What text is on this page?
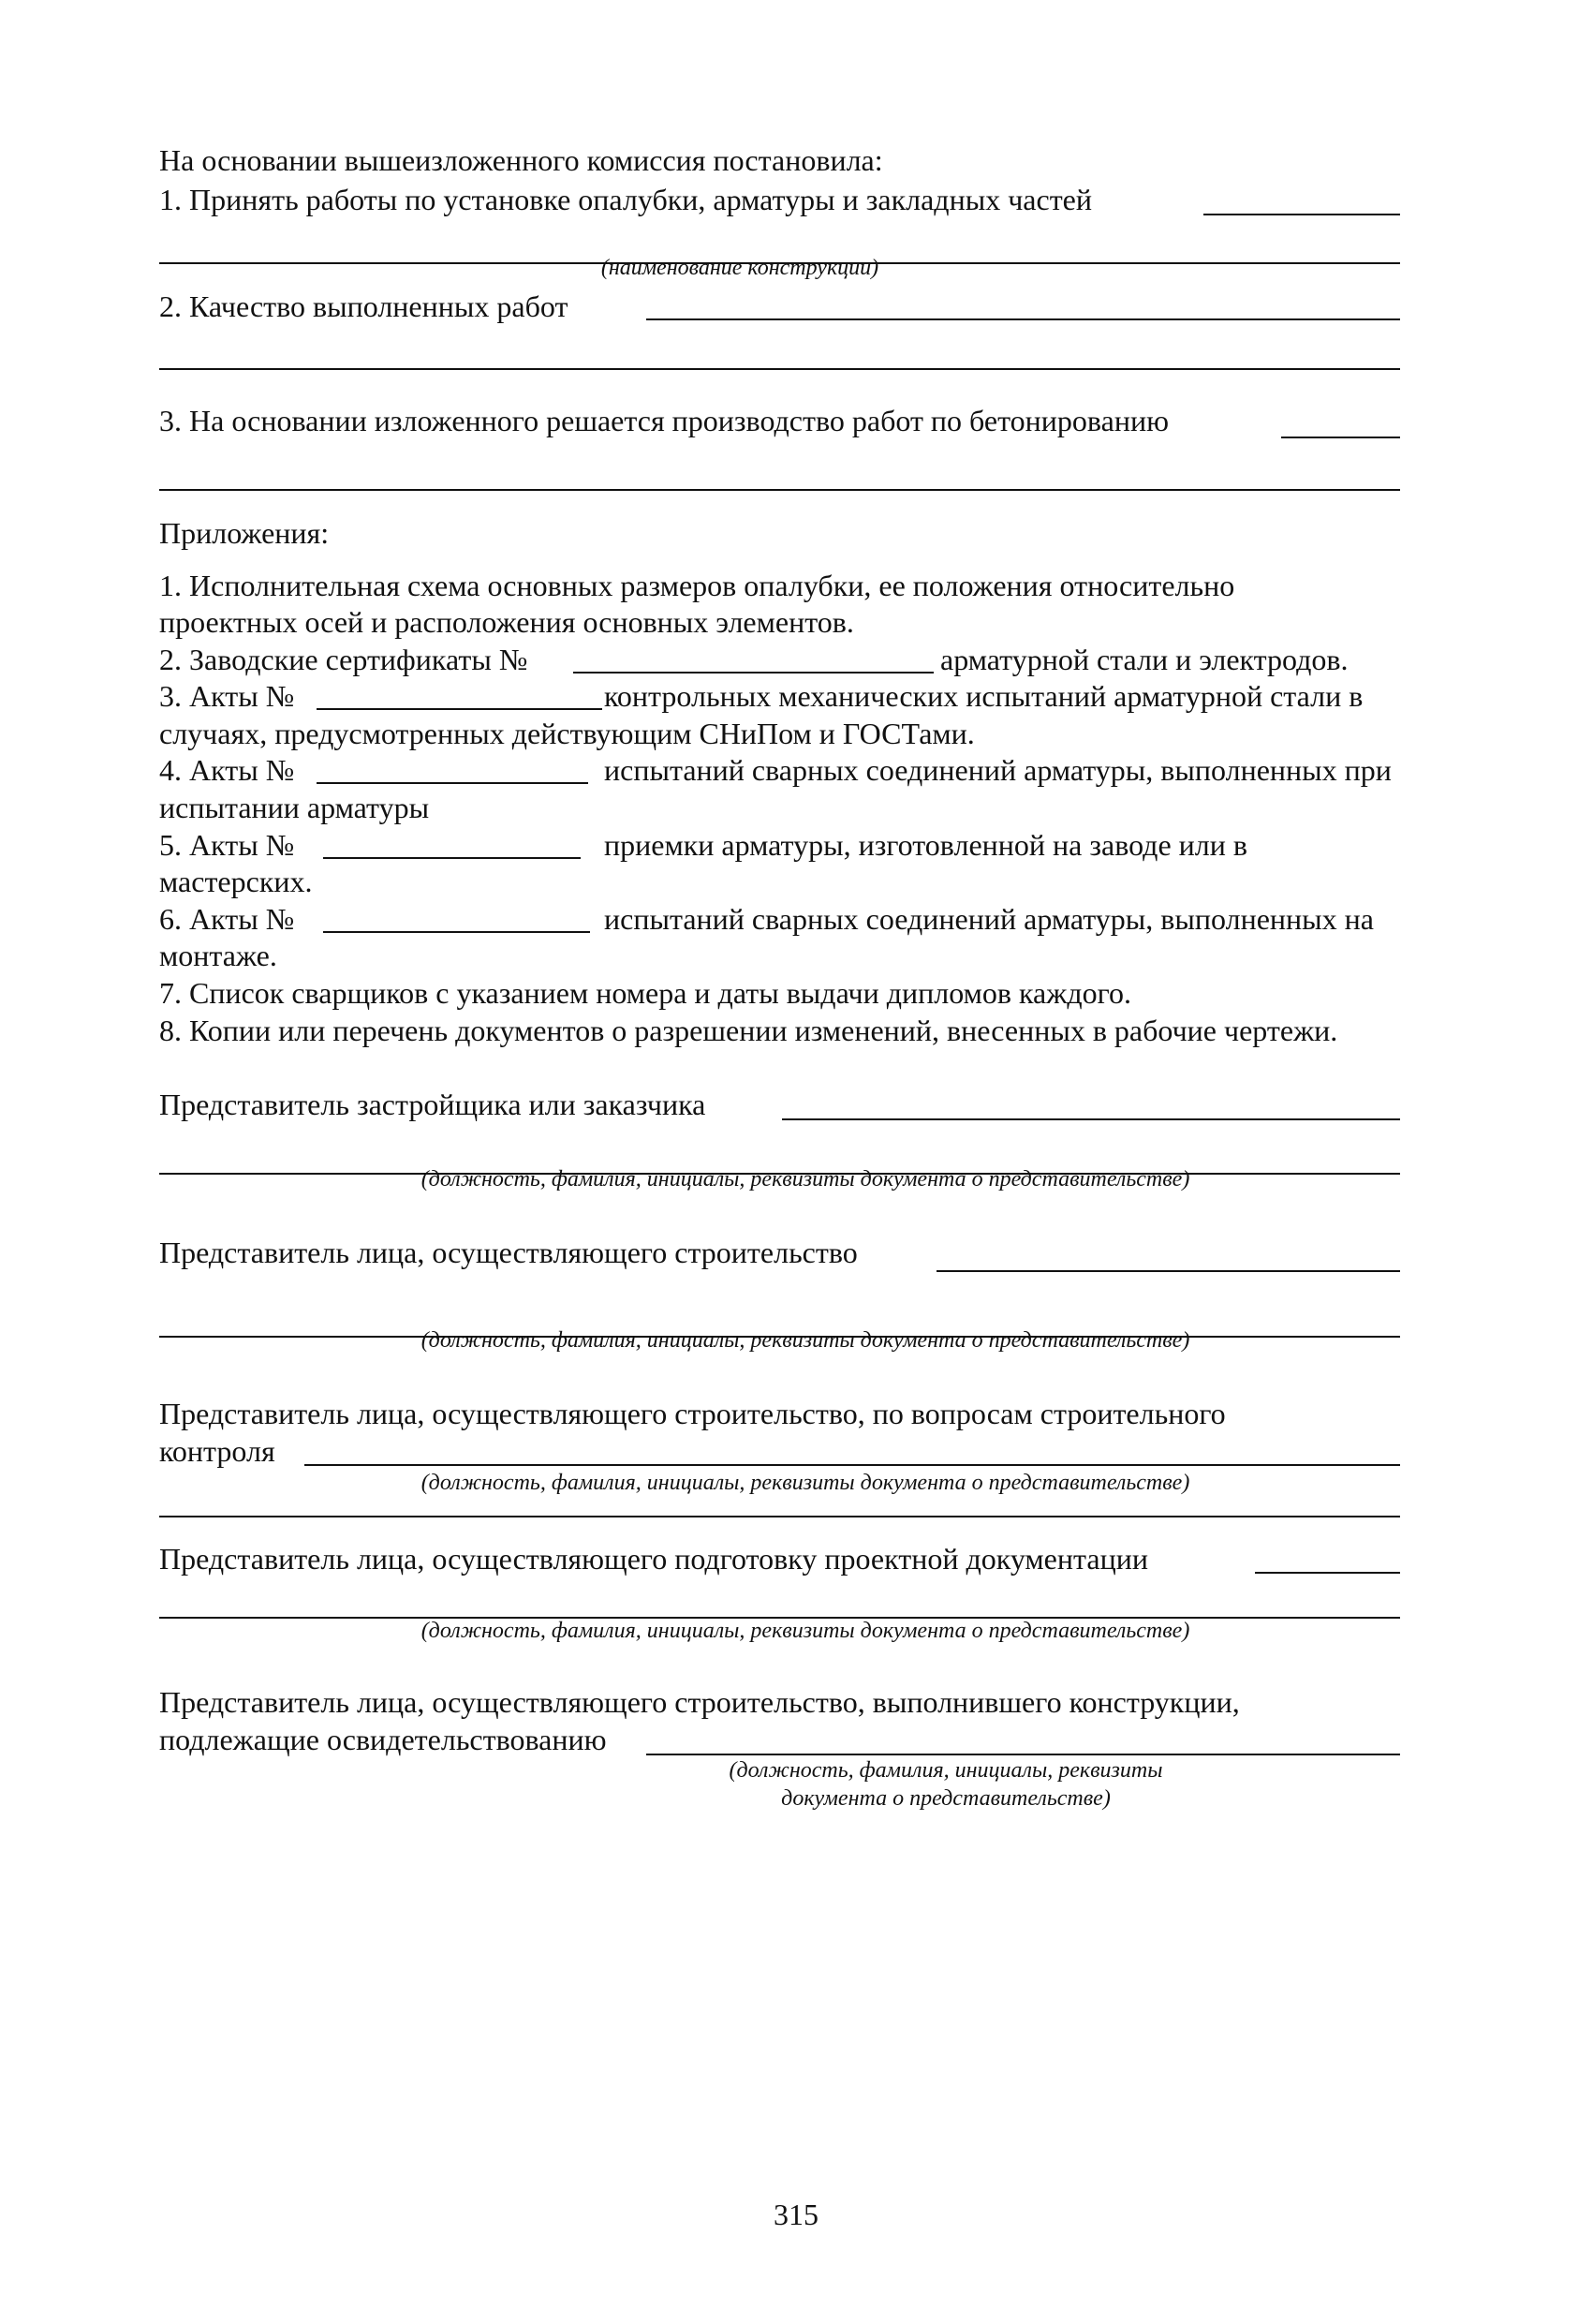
На основании вышеизложенного комиссия постановила:
1. Принять работы по установке опалубки, арматуры и закладных частей
(наименование конструкции)
2. Качество выполненных работ
3. На основании изложенного решается производство работ по бетонированию
Приложения:
1. Исполнительная схема основных размеров опалубки, ее положения относительно
проектных осей и расположения основных элементов.
2. Заводские сертификаты №	арматурной стали и электродов.
3. Акты №	контрольных механических испытаний арматурной стали в
случаях, предусмотренных действующим СНиПом и ГОСТами.
4. Акты №	испытаний сварных соединений арматуры, выполненных при
испытании арматуры
5. Акты №	приемки арматуры, изготовленной на заводе или в
мастерских.
6. Акты №	испытаний сварных соединений арматуры, выполненных на
монтаже.
7. Список сварщиков с указанием номера и даты выдачи дипломов каждого.
8. Копии или перечень документов о разрешении изменений, внесенных в рабочие чертежи.
Представитель застройщика или заказчика
(должность, фамилия, инициалы, реквизиты документа о представительстве)
Представитель лица, осуществляющего строительство
(должность, фамилия, инициалы, реквизиты документа о представительстве)
Представитель лица, осуществляющего строительство, по вопросам строительного
контроля
(должность, фамилия, инициалы, реквизиты документа о представительстве)
Представитель лица, осуществляющего подготовку проектной документации
(должность, фамилия, инициалы, реквизиты документа о представительстве)
Представитель лица, осуществляющего строительство, выполнившего конструкции,
подлежащие освидетельствованию
(должность, фамилия, инициалы, реквизиты
документа о представительстве)
315
